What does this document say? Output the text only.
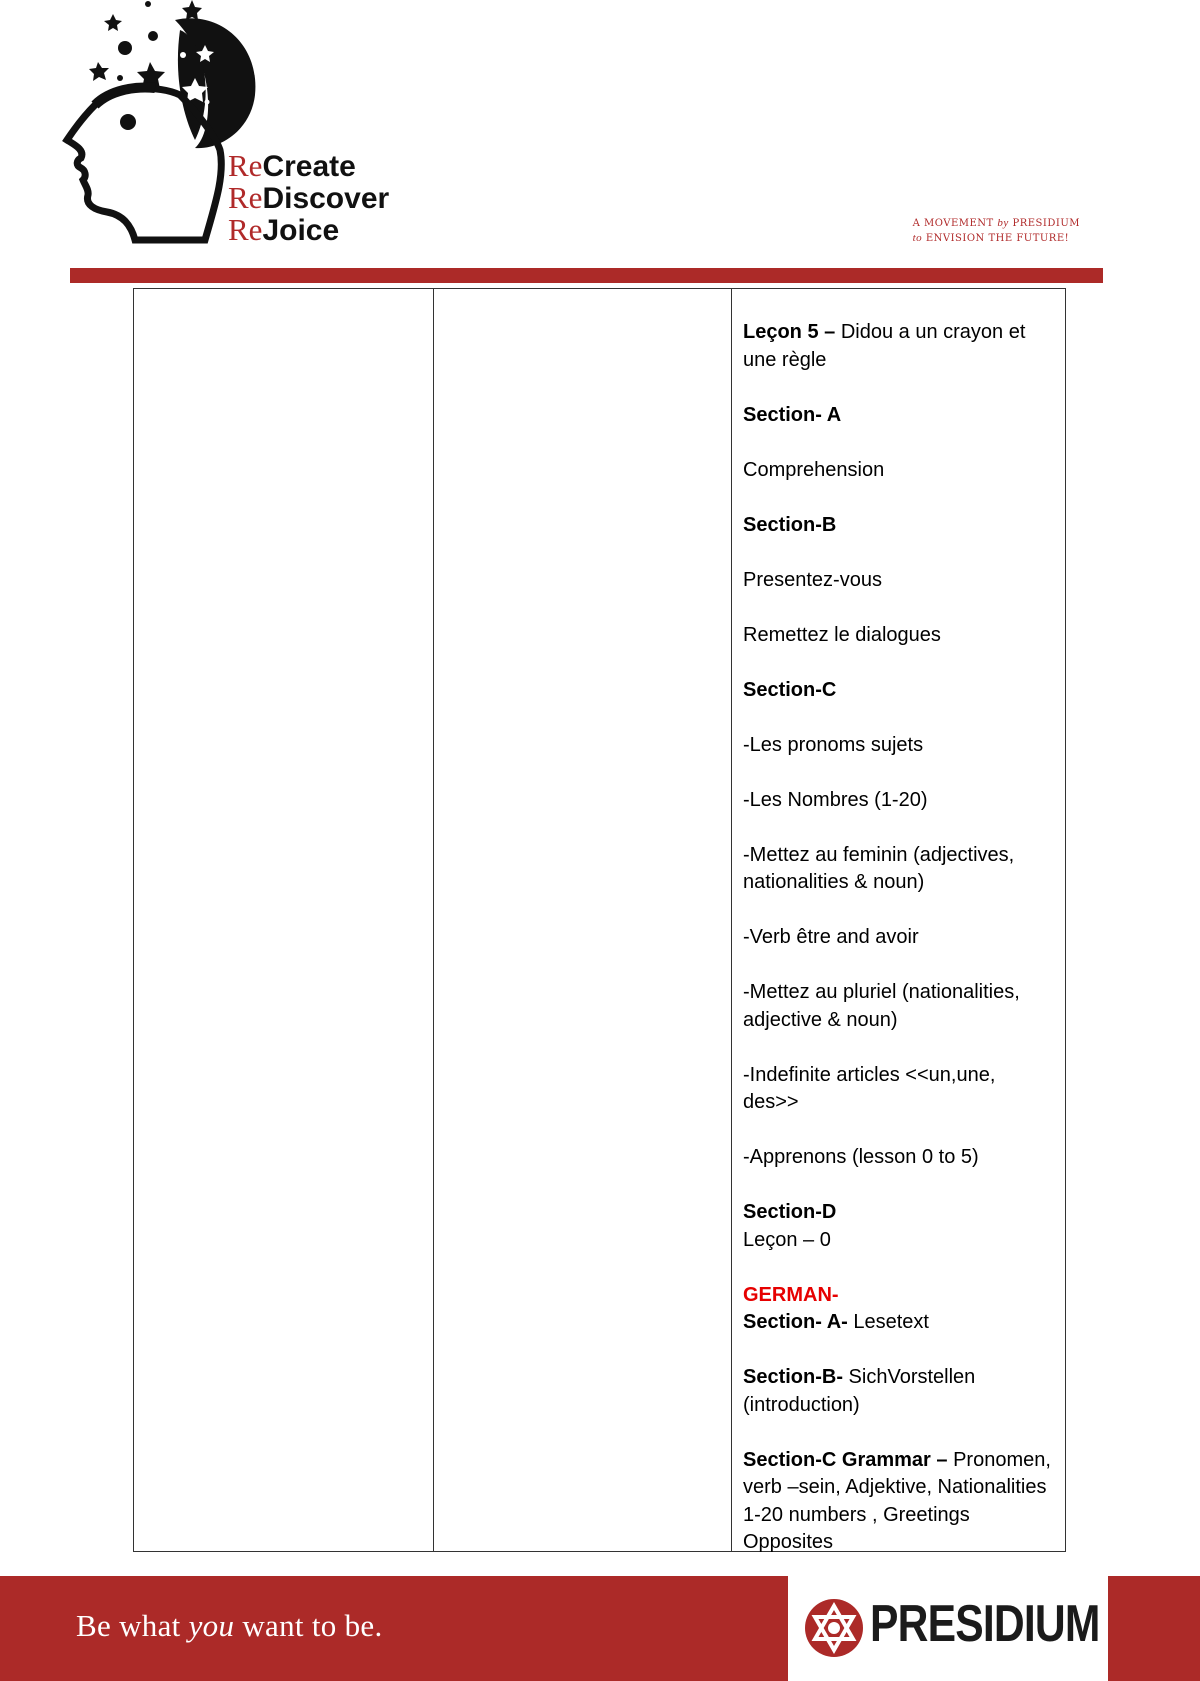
ReCreate
ReDiscover
ReJoice	A MOVEMENT by PRESIDIUM
to ENVISION THE FUTURE!

Leçon 5 – Didou a un crayon et une règle

Section- A

Comprehension

Section-B

Presentez-vous

Remettez le dialogues

Section-C

-Les pronoms sujets

-Les Nombres (1-20)

-Mettez au feminin (adjectives, nationalities & noun)

-Verb être and avoir

-Mettez au pluriel (nationalities, adjective & noun)

-Indefinite articles <<un,une, des>>

-Apprenons (lesson 0 to 5)

Section-D

Leçon – 0

GERMAN-

Section- A- Lesetext

Section-B- SichVorstellen (introduction)

Section-C Grammar – Pronomen, verb –sein, Adjektive, Nationalities 1-20 numbers , Greetings Opposites

Be what you want to be.	PRESIDIUM
